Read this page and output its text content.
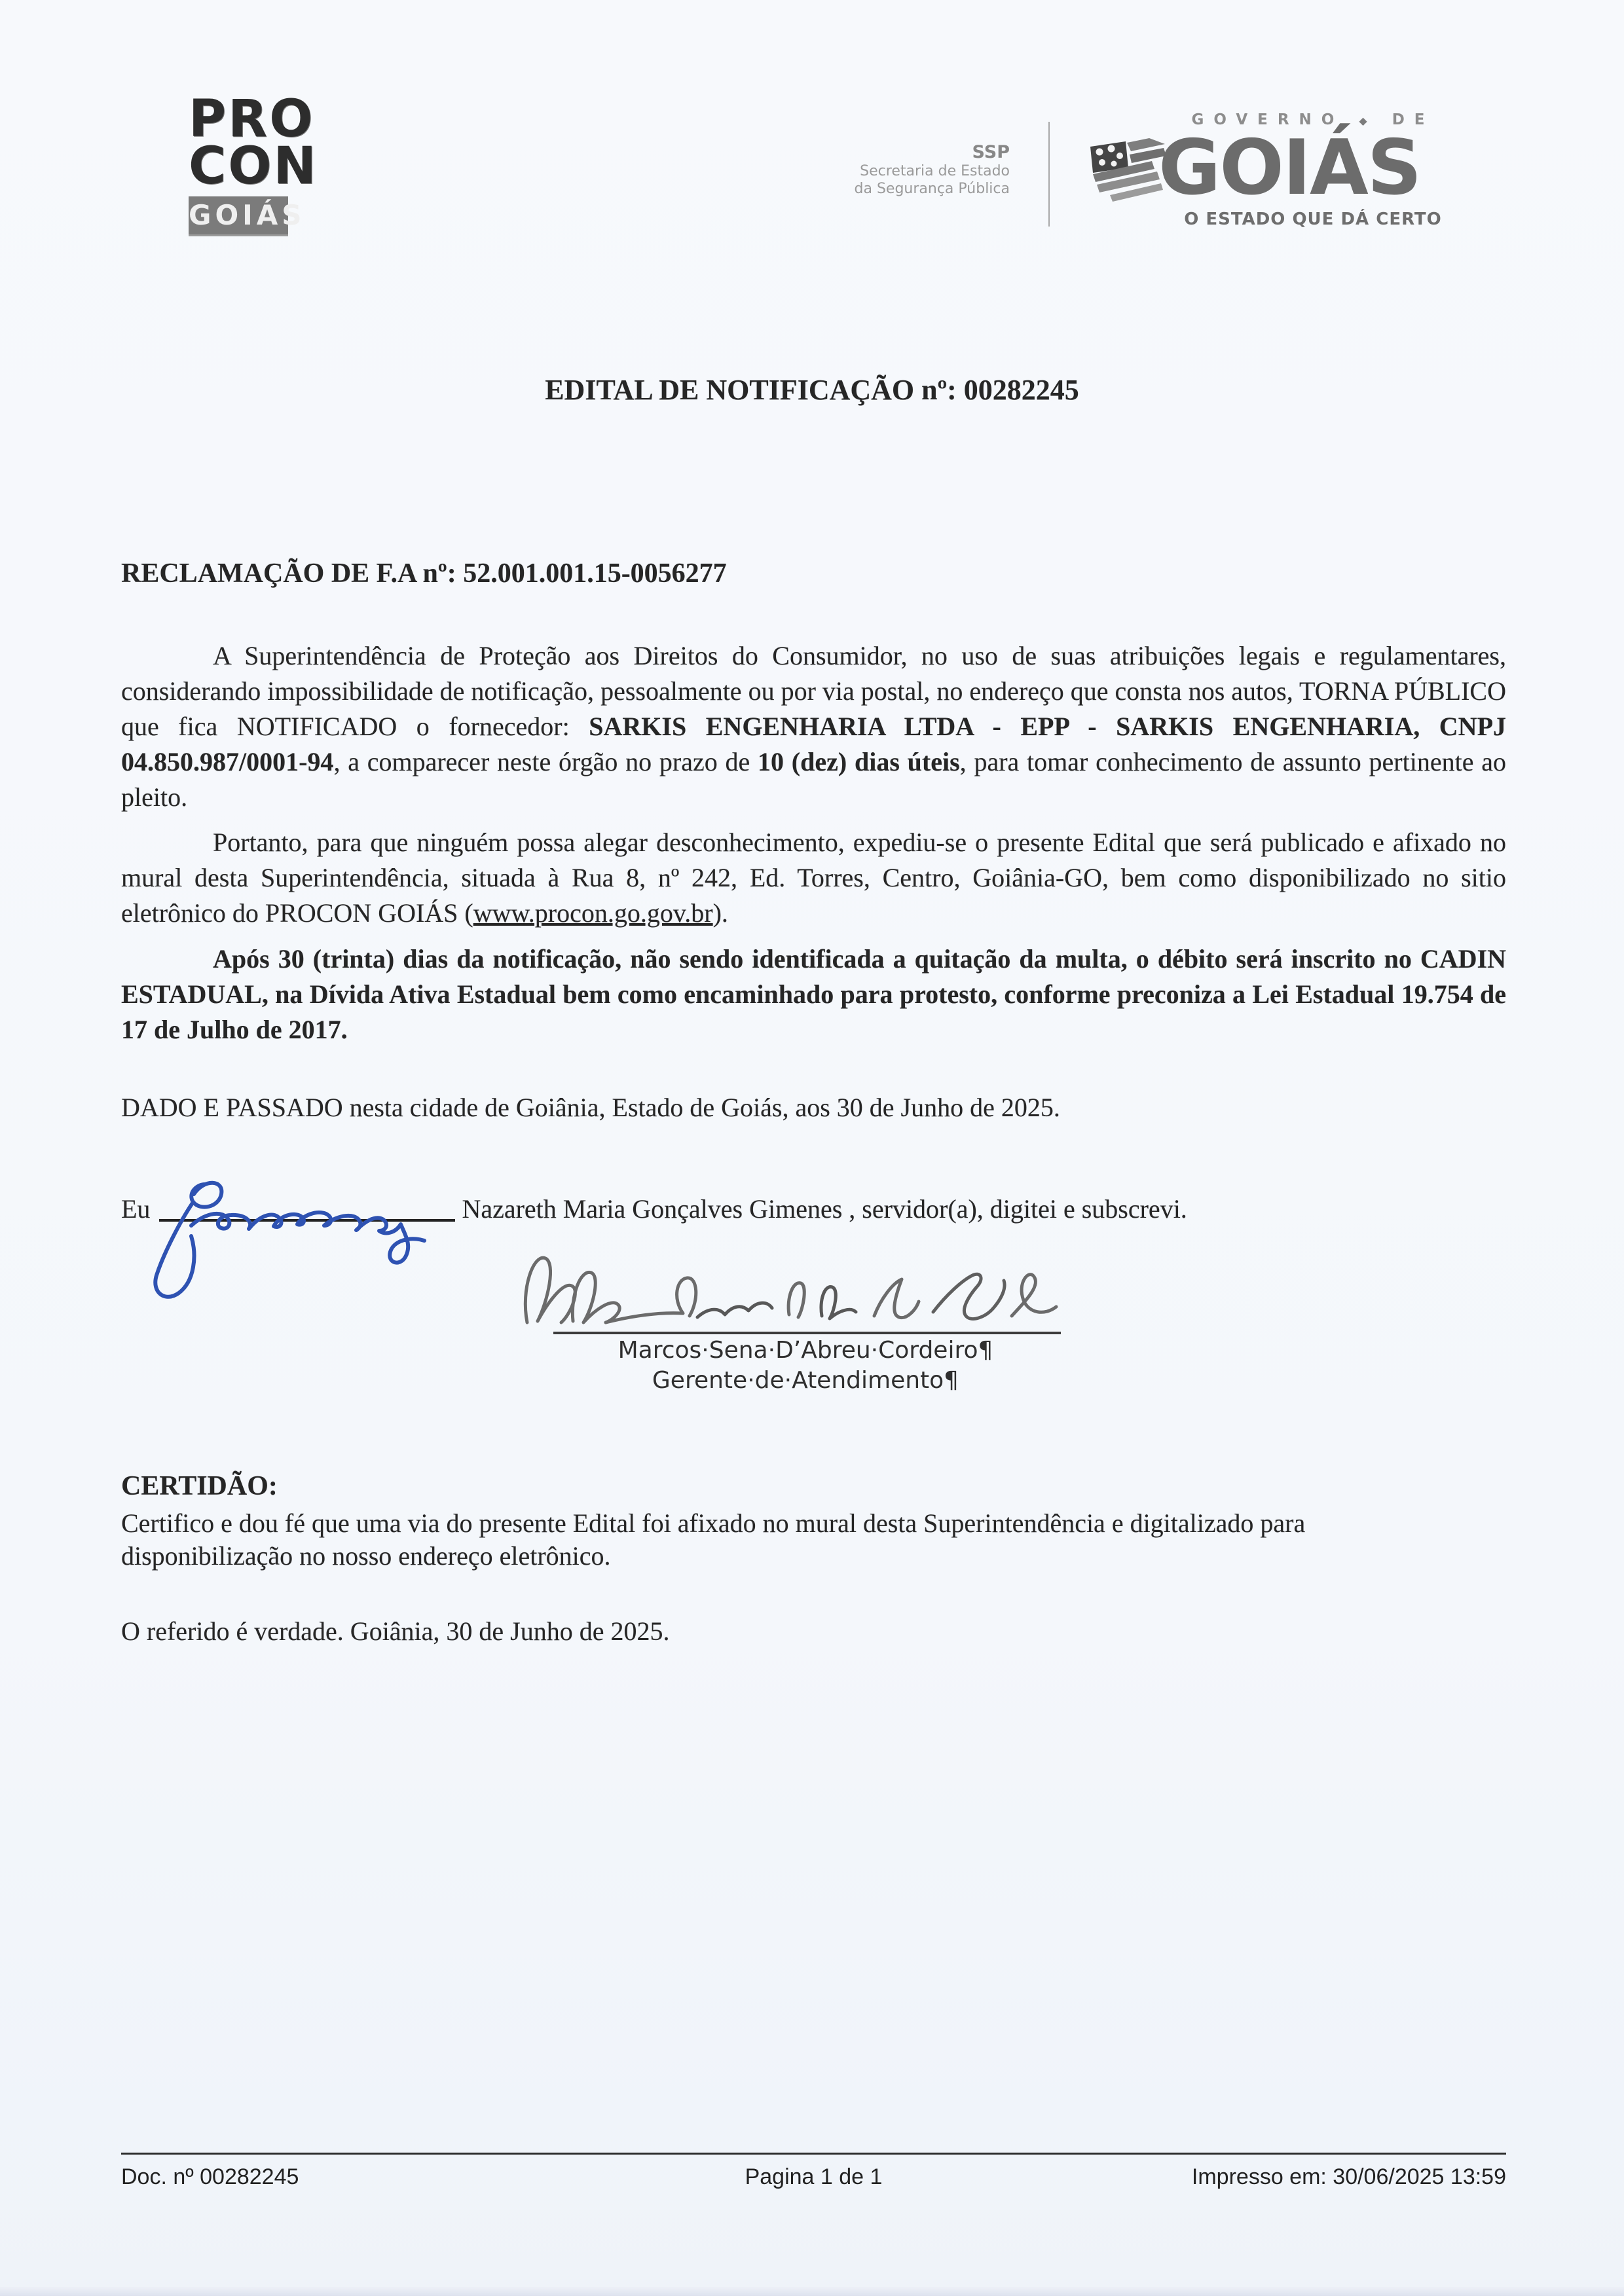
PRO
CON
GOIÁS
SSP
Secretaria de Estado
da Segurança Pública
GOVERNO ◆ DE
GOIÁS
O ESTADO QUE DÁ CERTO
EDITAL DE NOTIFICAÇÃO nº: 00282245
RECLAMAÇÃO DE F.A nº: 52.001.001.15-0056277
A Superintendência de Proteção aos Direitos do Consumidor, no uso de suas atribuições legais e regulamentares, considerando impossibilidade de notificação, pessoalmente ou por via postal, no endereço que consta nos autos, TORNA PÚBLICO que fica NOTIFICADO o fornecedor: SARKIS ENGENHARIA LTDA - EPP - SARKIS ENGENHARIA, CNPJ 04.850.987/0001-94, a comparecer neste órgão no prazo de 10 (dez) dias úteis, para tomar conhecimento de assunto pertinente ao pleito.
Portanto, para que ninguém possa alegar desconhecimento, expediu-se o presente Edital que será publicado e afixado no mural desta Superintendência, situada à Rua 8, nº 242, Ed. Torres, Centro, Goiânia-GO, bem como disponibilizado no sitio eletrônico do PROCON GOIÁS (www.procon.go.gov.br).
Após 30 (trinta) dias da notificação, não sendo identificada a quitação da multa, o débito será inscrito no CADIN ESTADUAL, na Dívida Ativa Estadual bem como encaminhado para protesto, conforme preconiza a Lei Estadual 19.754 de 17 de Julho de 2017.
DADO E PASSADO nesta cidade de Goiânia, Estado de Goiás, aos 30 de Junho de 2025.
Eu	Nazareth Maria Gonçalves Gimenes , servidor(a), digitei e subscrevi.
Marcos·Sena·D’Abreu·Cordeiro¶
Gerente·de·Atendimento¶
CERTIDÃO:
Certifico e dou fé que uma via do presente Edital foi afixado no mural desta Superintendência e digitalizado para disponibilização no nosso endereço eletrônico.
O referido é verdade. Goiânia, 30 de Junho de 2025.
Doc. nº 00282245	Pagina 1 de 1	Impresso em: 30/06/2025 13:59
